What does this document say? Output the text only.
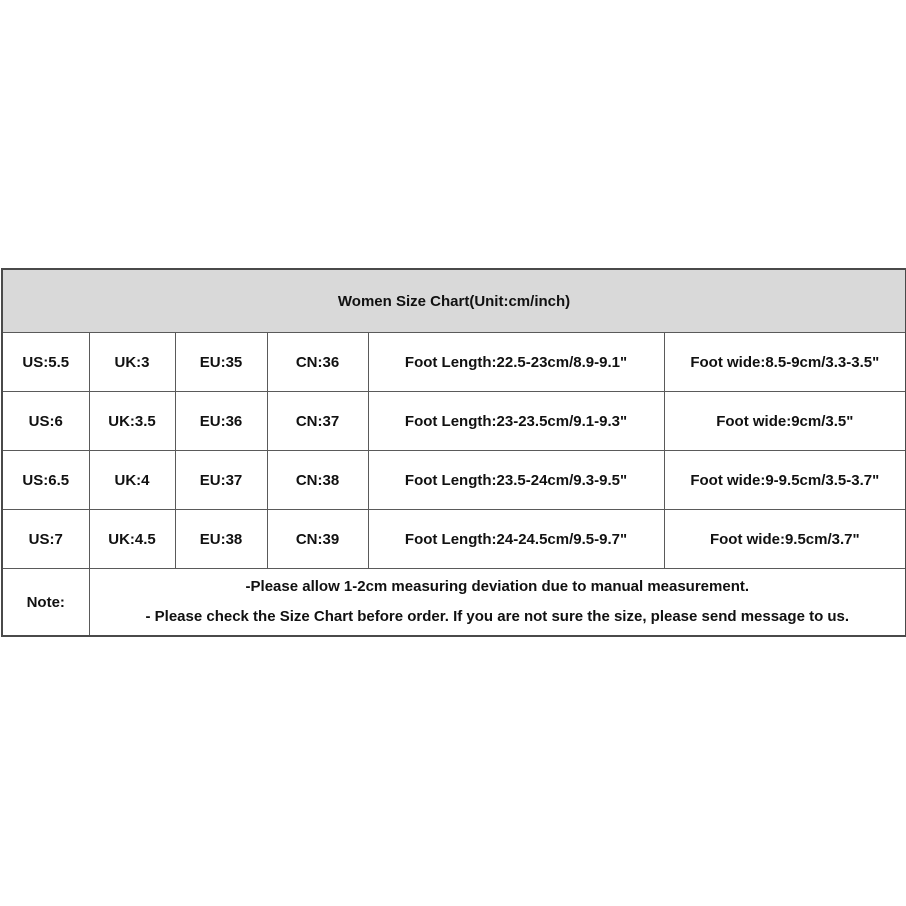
Women Size Chart(Unit:cm/inch)					
US:5.5	UK:3	EU:35	CN:36	Foot Length:22.5-23cm/8.9-9.1"	Foot wide:8.5-9cm/3.3-3.5"
US:6	UK:3.5	EU:36	CN:37	Foot Length:23-23.5cm/9.1-9.3"	Foot wide:9cm/3.5"
US:6.5	UK:4	EU:37	CN:38	Foot Length:23.5-24cm/9.3-9.5"	Foot wide:9-9.5cm/3.5-3.7"
US:7	UK:4.5	EU:38	CN:39	Foot Length:24-24.5cm/9.5-9.7"	Foot wide:9.5cm/3.7"
Note:	-Please allow 1-2cm measuring deviation due to manual measurement.
- Please check the Size Chart before order. If you are not sure the size, please send message to us.				
